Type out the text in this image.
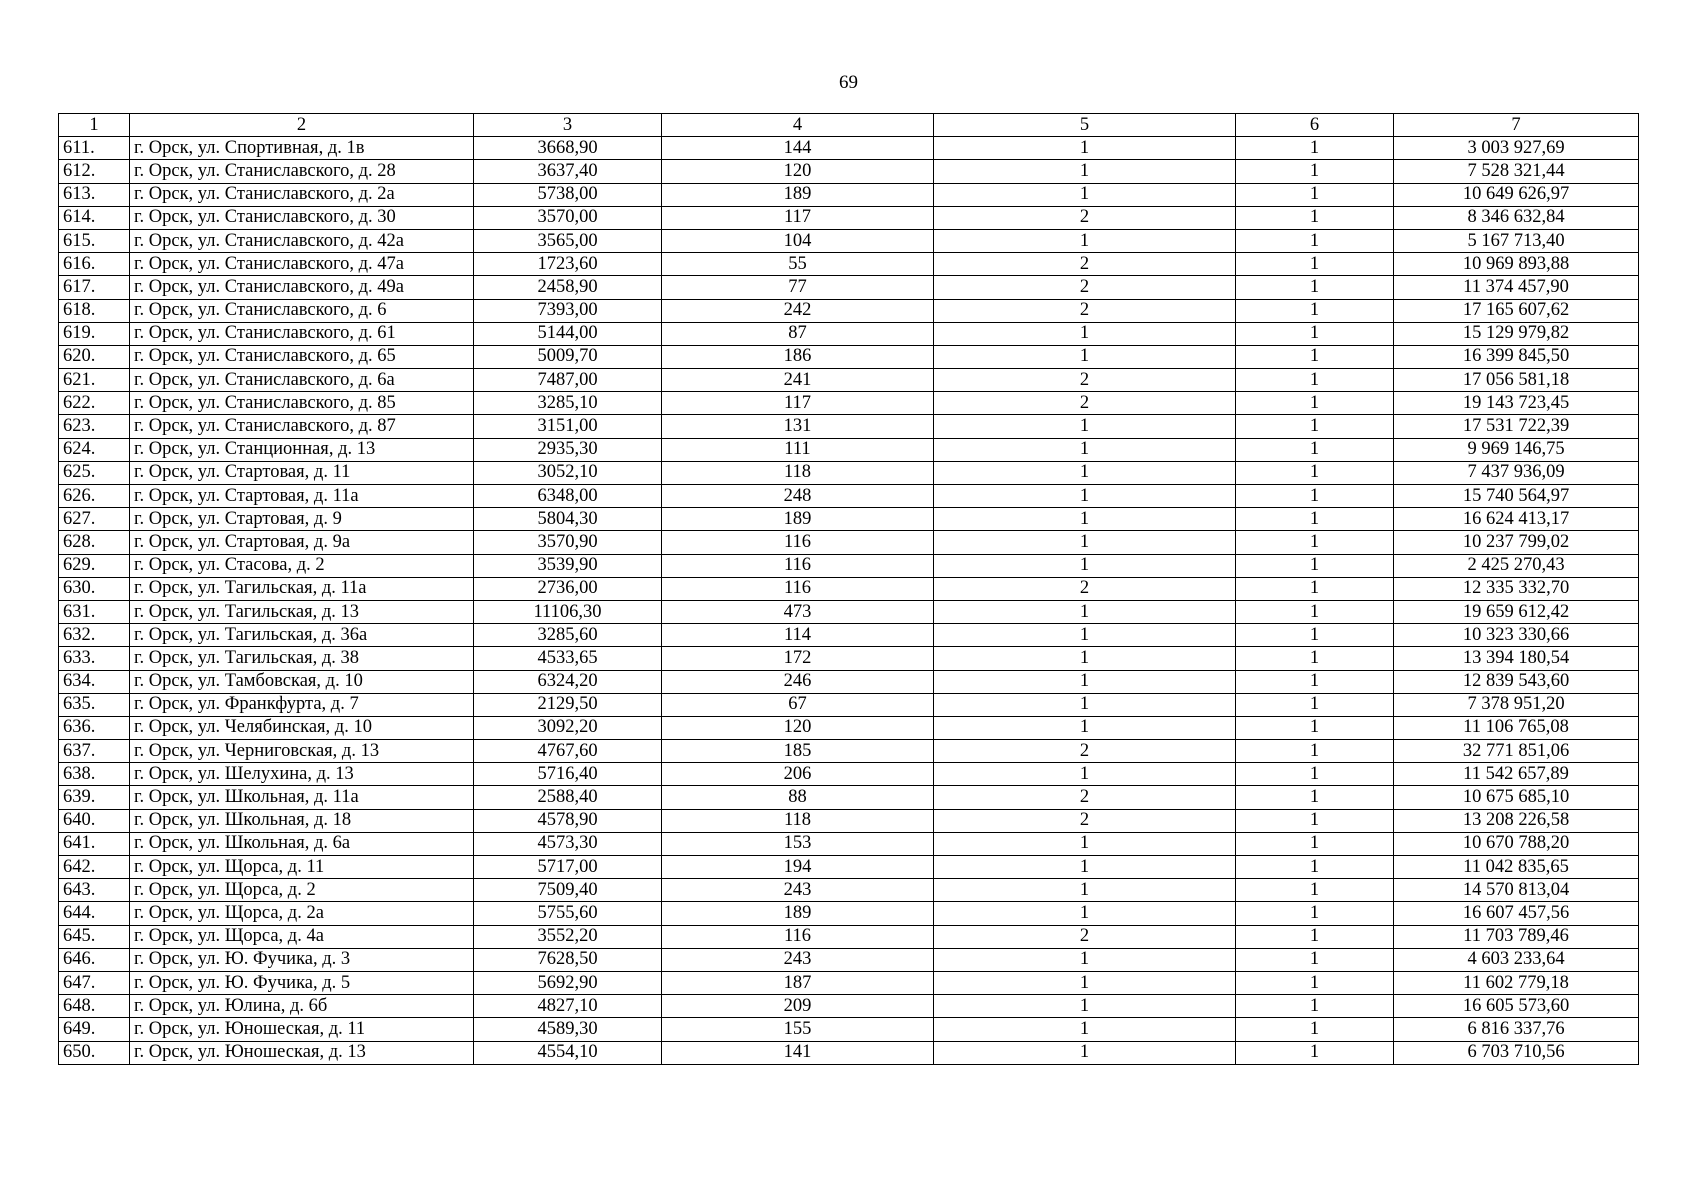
69
1	2	3	4	5	6	7
611.	г. Орск, ул. Спортивная, д. 1в	3668,90	144	1	1	3 003 927,69
612.	г. Орск, ул. Станиславского, д. 28	3637,40	120	1	1	7 528 321,44
613.	г. Орск, ул. Станиславского, д. 2а	5738,00	189	1	1	10 649 626,97
614.	г. Орск, ул. Станиславского, д. 30	3570,00	117	2	1	8 346 632,84
615.	г. Орск, ул. Станиславского, д. 42а	3565,00	104	1	1	5 167 713,40
616.	г. Орск, ул. Станиславского, д. 47а	1723,60	55	2	1	10 969 893,88
617.	г. Орск, ул. Станиславского, д. 49а	2458,90	77	2	1	11 374 457,90
618.	г. Орск, ул. Станиславского, д. 6	7393,00	242	2	1	17 165 607,62
619.	г. Орск, ул. Станиславского, д. 61	5144,00	87	1	1	15 129 979,82
620.	г. Орск, ул. Станиславского, д. 65	5009,70	186	1	1	16 399 845,50
621.	г. Орск, ул. Станиславского, д. 6а	7487,00	241	2	1	17 056 581,18
622.	г. Орск, ул. Станиславского, д. 85	3285,10	117	2	1	19 143 723,45
623.	г. Орск, ул. Станиславского, д. 87	3151,00	131	1	1	17 531 722,39
624.	г. Орск, ул. Станционная, д. 13	2935,30	111	1	1	9 969 146,75
625.	г. Орск, ул. Стартовая, д. 11	3052,10	118	1	1	7 437 936,09
626.	г. Орск, ул. Стартовая, д. 11а	6348,00	248	1	1	15 740 564,97
627.	г. Орск, ул. Стартовая, д. 9	5804,30	189	1	1	16 624 413,17
628.	г. Орск, ул. Стартовая, д. 9а	3570,90	116	1	1	10 237 799,02
629.	г. Орск, ул. Стасова, д. 2	3539,90	116	1	1	2 425 270,43
630.	г. Орск, ул. Тагильская, д. 11а	2736,00	116	2	1	12 335 332,70
631.	г. Орск, ул. Тагильская, д. 13	11106,30	473	1	1	19 659 612,42
632.	г. Орск, ул. Тагильская, д. 36а	3285,60	114	1	1	10 323 330,66
633.	г. Орск, ул. Тагильская, д. 38	4533,65	172	1	1	13 394 180,54
634.	г. Орск, ул. Тамбовская, д. 10	6324,20	246	1	1	12 839 543,60
635.	г. Орск, ул. Франкфурта, д. 7	2129,50	67	1	1	7 378 951,20
636.	г. Орск, ул. Челябинская, д. 10	3092,20	120	1	1	11 106 765,08
637.	г. Орск, ул. Черниговская, д. 13	4767,60	185	2	1	32 771 851,06
638.	г. Орск, ул. Шелухина, д. 13	5716,40	206	1	1	11 542 657,89
639.	г. Орск, ул. Школьная, д. 11а	2588,40	88	2	1	10 675 685,10
640.	г. Орск, ул. Школьная, д. 18	4578,90	118	2	1	13 208 226,58
641.	г. Орск, ул. Школьная, д. 6а	4573,30	153	1	1	10 670 788,20
642.	г. Орск, ул. Щорса, д. 11	5717,00	194	1	1	11 042 835,65
643.	г. Орск, ул. Щорса, д. 2	7509,40	243	1	1	14 570 813,04
644.	г. Орск, ул. Щорса, д. 2а	5755,60	189	1	1	16 607 457,56
645.	г. Орск, ул. Щорса, д. 4а	3552,20	116	2	1	11 703 789,46
646.	г. Орск, ул. Ю. Фучика, д. 3	7628,50	243	1	1	4 603 233,64
647.	г. Орск, ул. Ю. Фучика, д. 5	5692,90	187	1	1	11 602 779,18
648.	г. Орск, ул. Юлина, д. 6б	4827,10	209	1	1	16 605 573,60
649.	г. Орск, ул. Юношеская, д. 11	4589,30	155	1	1	6 816 337,76
650.	г. Орск, ул. Юношеская, д. 13	4554,10	141	1	1	6 703 710,56
